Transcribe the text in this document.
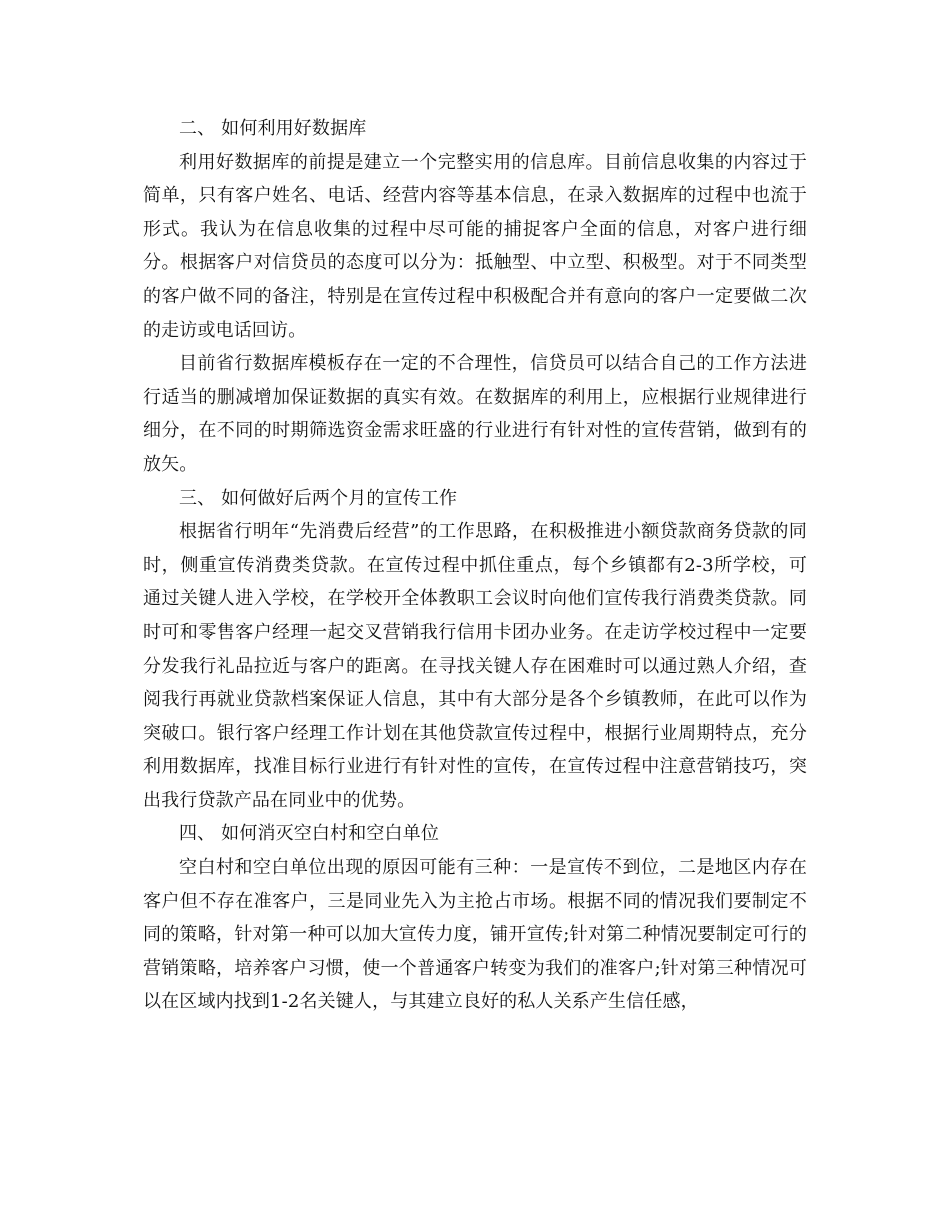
二、 如何利用好数据库

利用好数据库的前提是建立一个完整实用的信息库。目前信息收集的内容过于简单，只有客户姓名、电话、经营内容等基本信息，在录入数据库的过程中也流于形式。我认为在信息收集的过程中尽可能的捕捉客户全面的信息，对客户进行细分。根据客户对信贷员的态度可以分为：抵触型、中立型、积极型。对于不同类型的客户做不同的备注，特别是在宣传过程中积极配合并有意向的客户一定要做二次的走访或电话回访。

目前省行数据库模板存在一定的不合理性，信贷员可以结合自己的工作方法进行适当的删减增加保证数据的真实有效。在数据库的利用上，应根据行业规律进行细分，在不同的时期筛选资金需求旺盛的行业进行有针对性的宣传营销，做到有的放矢。

三、 如何做好后两个月的宣传工作

根据省行明年“先消费后经营”的工作思路，在积极推进小额贷款商务贷款的同时，侧重宣传消费类贷款。在宣传过程中抓住重点，每个乡镇都有2-3所学校，可通过关键人进入学校，在学校开全体教职工会议时向他们宣传我行消费类贷款。同时可和零售客户经理一起交叉营销我行信用卡团办业务。在走访学校过程中一定要分发我行礼品拉近与客户的距离。在寻找关键人存在困难时可以通过熟人介绍，查阅我行再就业贷款档案保证人信息，其中有大部分是各个乡镇教师，在此可以作为突破口。银行客户经理工作计划在其他贷款宣传过程中，根据行业周期特点，充分利用数据库，找准目标行业进行有针对性的宣传，在宣传过程中注意营销技巧，突出我行贷款产品在同业中的优势。

四、 如何消灭空白村和空白单位

空白村和空白单位出现的原因可能有三种：一是宣传不到位，二是地区内存在客户但不存在准客户，三是同业先入为主抢占市场。根据不同的情况我们要制定不同的策略，针对第一种可以加大宣传力度，铺开宣传;针对第二种情况要制定可行的营销策略，培养客户习惯，使一个普通客户转变为我们的准客户;针对第三种情况可以在区域内找到1-2名关键人，与其建立良好的私人关系产生信任感，
